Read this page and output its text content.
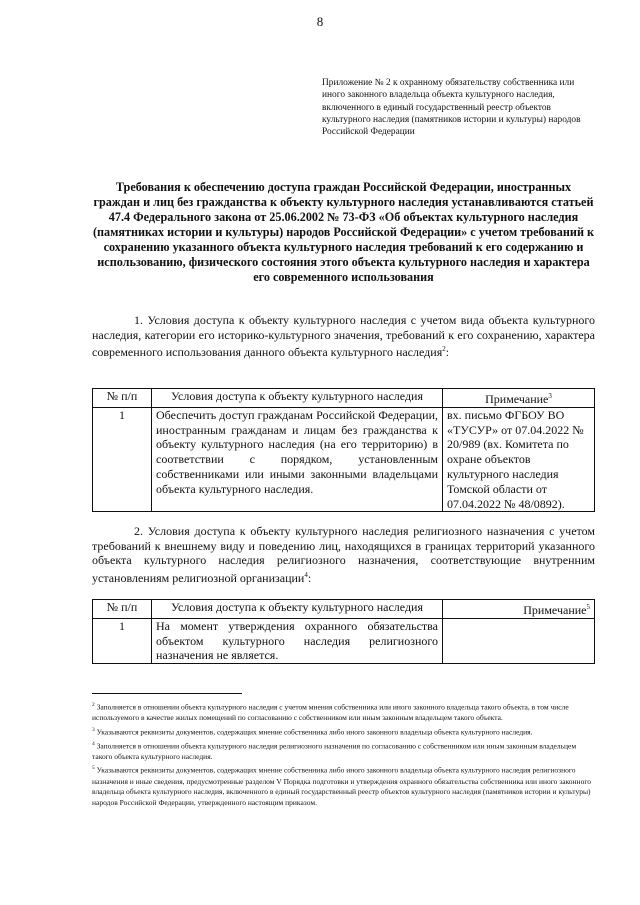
8
Приложение № 2 к охранному обязательству собственника или иного законного владельца объекта культурного наследия, включенного в единый государственный реестр объектов культурного наследия (памятников истории и культуры) народов Российской Федерации
Требования к обеспечению доступа граждан Российской Федерации, иностранных граждан и лиц без гражданства к объекту культурного наследия устанавливаются статьей 47.4 Федерального закона от 25.06.2002 № 73-ФЗ «Об объектах культурного наследия (памятниках истории и культуры) народов Российской Федерации» с учетом требований к сохранению указанного объекта культурного наследия требований к его содержанию и использованию, физического состояния этого объекта культурного наследия и характера его современного использования
1. Условия доступа к объекту культурного наследия с учетом вида объекта культурного наследия, категории его историко-культурного значения, требований к его сохранению, характера современного использования данного объекта культурного наследия$^2$:
№ п/п	Условия доступа к объекту культурного наследия	Примечание$^3$
1	Обеспечить доступ гражданам Российской Федерации, иностранным гражданам и лицам без гражданства к объекту культурного наследия (на его территорию) в соответствии с порядком, установленным собственниками или иными законными владельцами объекта культурного наследия.	вх. письмо ФГБОУ ВО «ТУСУР» от 07.04.2022 № 20/989 (вх. Комитета по охране объектов культурного наследия Томской области от 07.04.2022 № 48/0892).
2. Условия доступа к объекту культурного наследия религиозного назначения с учетом требований к внешнему виду и поведению лиц, находящихся в границах территорий указанного объекта культурного наследия религиозного назначения, соответствующие внутренним установлениям религиозной организации$^4$:
№ п/п	Условия доступа к объекту культурного наследия	Примечание$^5$
1	На момент утверждения охранного обязательства объектом культурного наследия религиозного назначения не является.	

$^2$ Заполняется в отношении объекта культурного наследия с учетом мнения собственника или иного законного владельца такого объекта, в том числе используемого в качестве жилых помещений по согласованию с собственником или иным законным владельцем такого объекта.

$^3$ Указываются реквизиты документов, содержащих мнение собственника либо иного законного владельца объекта культурного наследия.

$^4$ Заполняется в отношении объекта культурного наследия религиозного назначения по согласованию с собственником или иным законным владельцем такого объекта культурного наследия.

$^5$ Указываются реквизиты документов, содержащих мнение собственника либо иного законного владельца объекта культурного наследия религиозного назначения и иные сведения, предусмотренные разделом V Порядка подготовки и утверждения охранного обязательства собственника или иного законного владельца объекта культурного наследия, включенного в единый государственный реестр объектов культурного наследия (памятников истории и культуры) народов Российской Федерации, утвержденного настоящим приказом.
